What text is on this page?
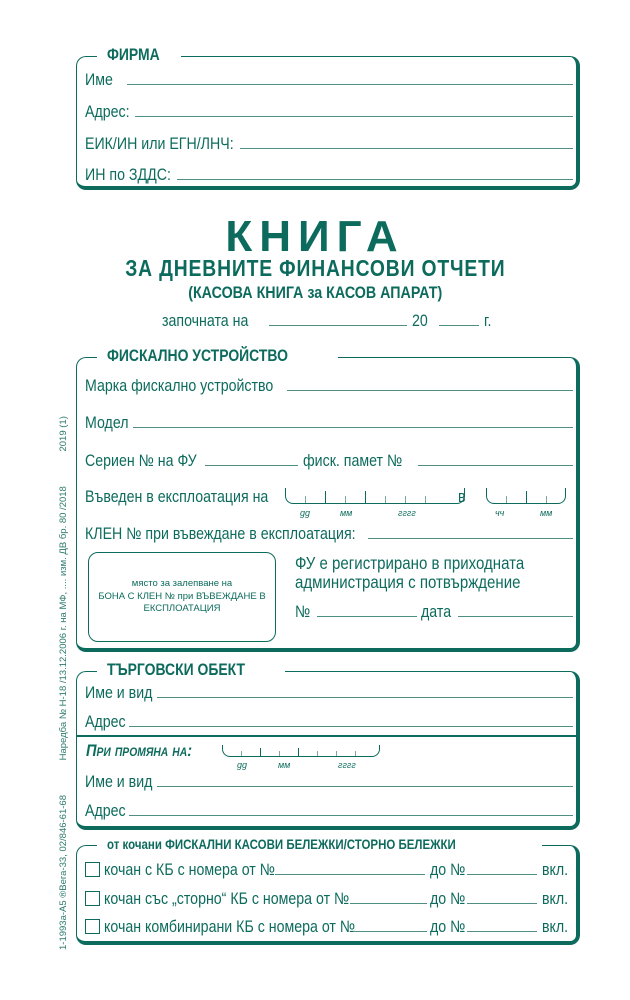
1-1993а-А5 ®Вега-33, 02/846-61-68 Наредба № Н-18 /13.12.2006 г. на МФ, .... изм. ДВ бр. 80 /2018 2019 (1)
ФИРМА
Име
Адрес:
ЕИК/ИН или ЕГН/ЛНЧ:
ИН по ЗДДС:
КНИГА
ЗА ДНЕВНИТЕ ФИНАНСОВИ ОТЧЕТИ
(КАСОВА КНИГА за КАСОВ АПАРАТ)
започната на	20	г.
ФИСКАЛНО УСТРОЙСТВО
Марка фискално устройство
Модел
Сериен № на ФУ	фиск. памет №
Въведен в експлоатация на
gg	мм	гггг
в
чч	мм
КЛЕН № при въвеждане в експлоатация:
място за залепване на
БОНА С КЛЕН № при ВЪВЕЖДАНЕ В
ЕКСПЛОАТАЦИЯ
ФУ е регистрирано в приходната
администрация с потвърждение
№	дата
ТЪРГОВСКИ ОБЕКТ
Име и вид
Адрес
При промяна на:
gg	мм	гггг
Име и вид
Адрес
от кочани ФИСКАЛНИ КАСОВИ БЕЛЕЖКИ/СТОРНО БЕЛЕЖКИ
кочан с КБ с номера от №	до №	вкл.
кочан със „сторно“ КБ с номера от №	до №	вкл.
кочан комбинирани КБ с номера от №	до №	вкл.
